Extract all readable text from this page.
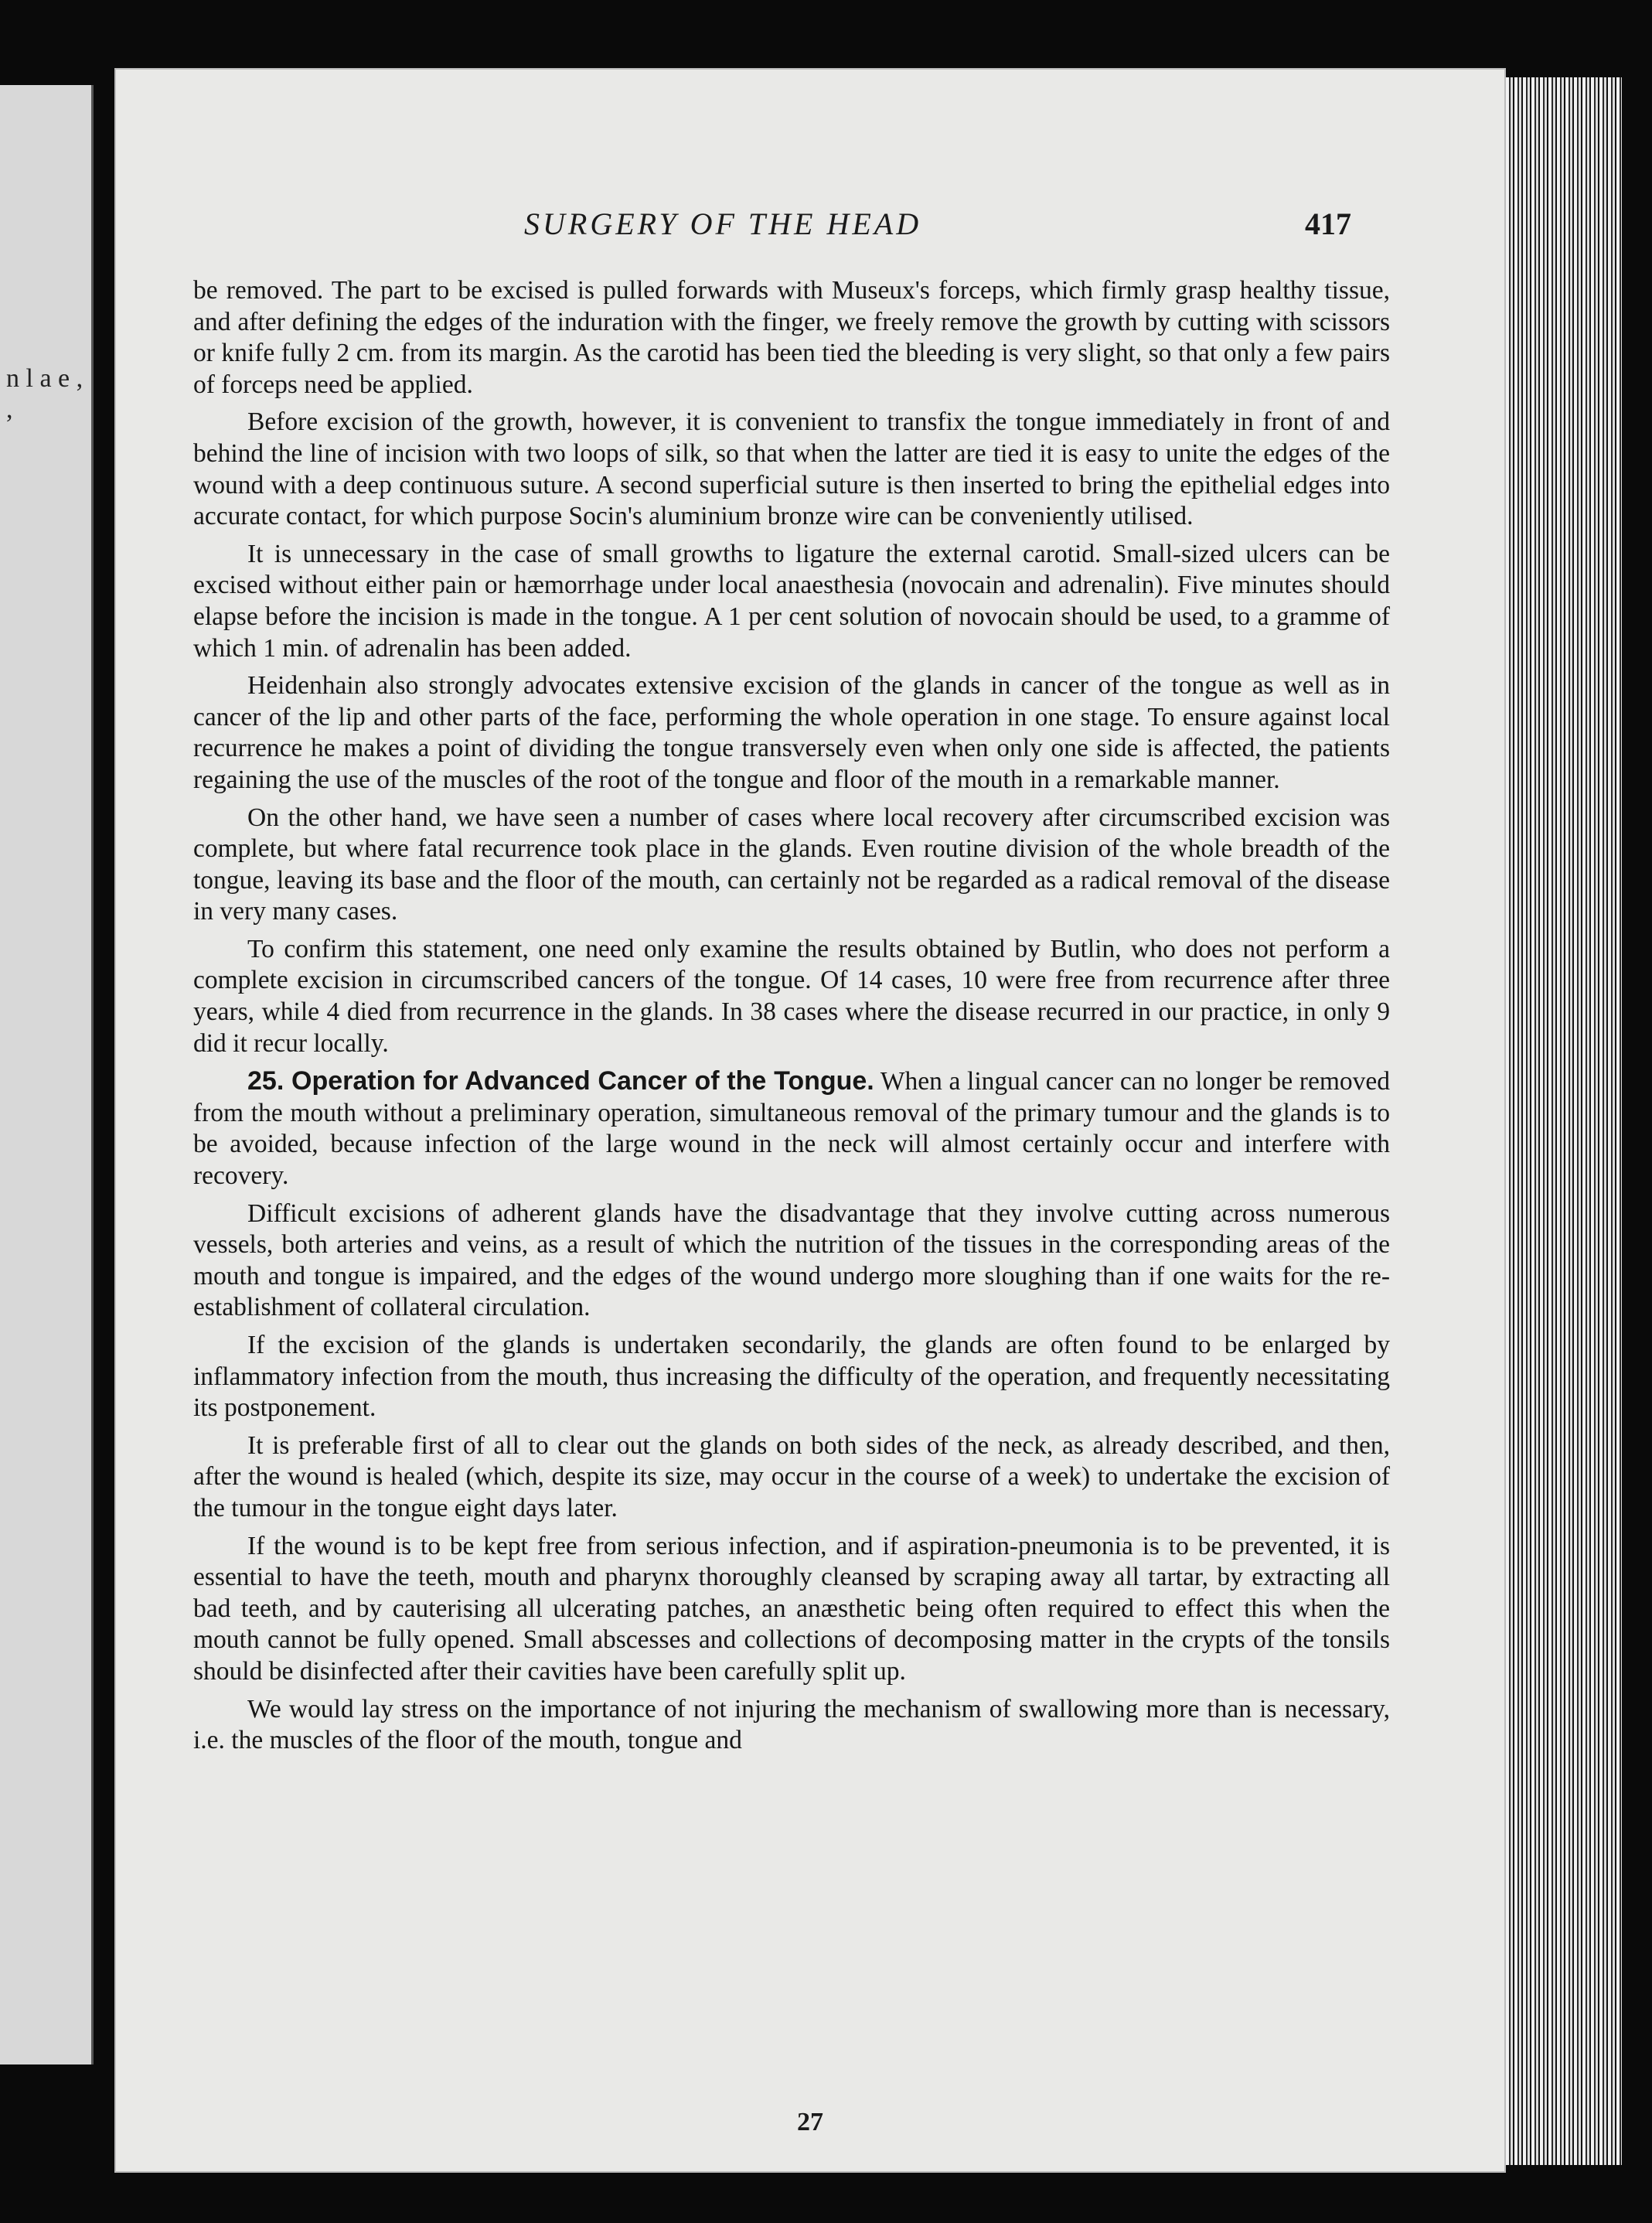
n l a e , ,
SURGERY OF THE HEAD	417

be removed. The part to be excised is pulled forwards with Museux's forceps, which firmly grasp healthy tissue, and after defining the edges of the induration with the finger, we freely remove the growth by cutting with scissors or knife fully 2 cm. from its margin. As the carotid has been tied the bleeding is very slight, so that only a few pairs of forceps need be applied.

Before excision of the growth, however, it is convenient to transfix the tongue immediately in front of and behind the line of incision with two loops of silk, so that when the latter are tied it is easy to unite the edges of the wound with a deep continuous suture. A second superficial suture is then inserted to bring the epithelial edges into accurate contact, for which purpose Socin's aluminium bronze wire can be conveniently utilised.

It is unnecessary in the case of small growths to ligature the external carotid. Small-sized ulcers can be excised without either pain or hæmorrhage under local anaesthesia (novocain and adrenalin). Five minutes should elapse before the incision is made in the tongue. A 1 per cent solution of novocain should be used, to a gramme of which 1 min. of adrenalin has been added.

Heidenhain also strongly advocates extensive excision of the glands in cancer of the tongue as well as in cancer of the lip and other parts of the face, performing the whole operation in one stage. To ensure against local recurrence he makes a point of dividing the tongue transversely even when only one side is affected, the patients regaining the use of the muscles of the root of the tongue and floor of the mouth in a remarkable manner.

On the other hand, we have seen a number of cases where local recovery after circumscribed excision was complete, but where fatal recurrence took place in the glands. Even routine division of the whole breadth of the tongue, leaving its base and the floor of the mouth, can certainly not be regarded as a radical removal of the disease in very many cases.

To confirm this statement, one need only examine the results obtained by Butlin, who does not perform a complete excision in circumscribed cancers of the tongue. Of 14 cases, 10 were free from recurrence after three years, while 4 died from recurrence in the glands. In 38 cases where the disease recurred in our practice, in only 9 did it recur locally.

25. Operation for Advanced Cancer of the Tongue. When a lingual cancer can no longer be removed from the mouth without a preliminary operation, simultaneous removal of the primary tumour and the glands is to be avoided, because infection of the large wound in the neck will almost certainly occur and interfere with recovery.

Difficult excisions of adherent glands have the disadvantage that they involve cutting across numerous vessels, both arteries and veins, as a result of which the nutrition of the tissues in the corresponding areas of the mouth and tongue is impaired, and the edges of the wound undergo more sloughing than if one waits for the re-establishment of collateral circulation.

If the excision of the glands is undertaken secondarily, the glands are often found to be enlarged by inflammatory infection from the mouth, thus increasing the difficulty of the operation, and frequently necessitating its postponement.

It is preferable first of all to clear out the glands on both sides of the neck, as already described, and then, after the wound is healed (which, despite its size, may occur in the course of a week) to undertake the excision of the tumour in the tongue eight days later.

If the wound is to be kept free from serious infection, and if aspiration-pneumonia is to be prevented, it is essential to have the teeth, mouth and pharynx thoroughly cleansed by scraping away all tartar, by extracting all bad teeth, and by cauterising all ulcerating patches, an anæsthetic being often required to effect this when the mouth cannot be fully opened. Small abscesses and collections of decomposing matter in the crypts of the tonsils should be disinfected after their cavities have been carefully split up.

We would lay stress on the importance of not injuring the mechanism of swallowing more than is necessary, i.e. the muscles of the floor of the mouth, tongue and

27
